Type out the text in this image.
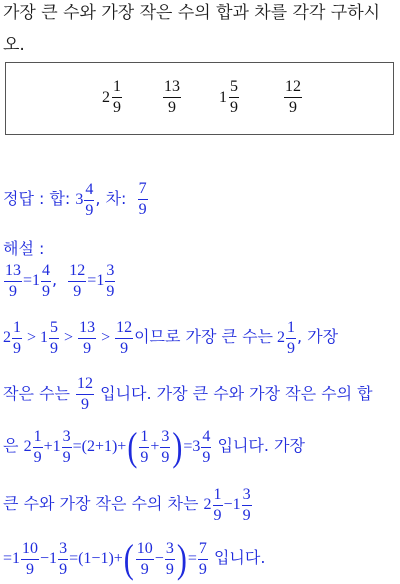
가장 큰 수와 가장 작은 수의 합과 차를 각각 구하시
오.
$2 \frac{1}{9}$	$\frac{13}{9} 1 \frac{5}{9}$	$\frac{12}{9}$
정답 : 합: $3 \frac{4}{9}$ , 차: $\frac{7}{9}$
해설 :
$\frac{13}{9} =1 \frac{4}{9}$ , $\frac{12}{9} =1 \frac{3}{9}$
$2 \frac{1}{9} > 1 \frac{5}{9} > \frac{13}{9} > \frac{12}{9}$ 이므로 가장 큰 수는 $2 \frac{1}{9}$ , 가장
작은 수는 $\frac{12}{9}$ 입니다. 가장 큰 수와 가장 작은 수의 합
은 $2 \frac{1}{9} +1 \frac{3}{9} =(2+1)+( \frac{1}{9} + \frac{3}{9} )=3 \frac{4}{9}$ 입니다. 가장
큰 수와 가장 작은 수의 차는 $2 \frac{1}{9} -1 \frac{3}{9}$
$=1 \frac{10}{9} -1 \frac{3}{9} =(1-1)+( \frac{10}{9} - \frac{3}{9}$ )= $\frac{7}{9}$ 입니다.
